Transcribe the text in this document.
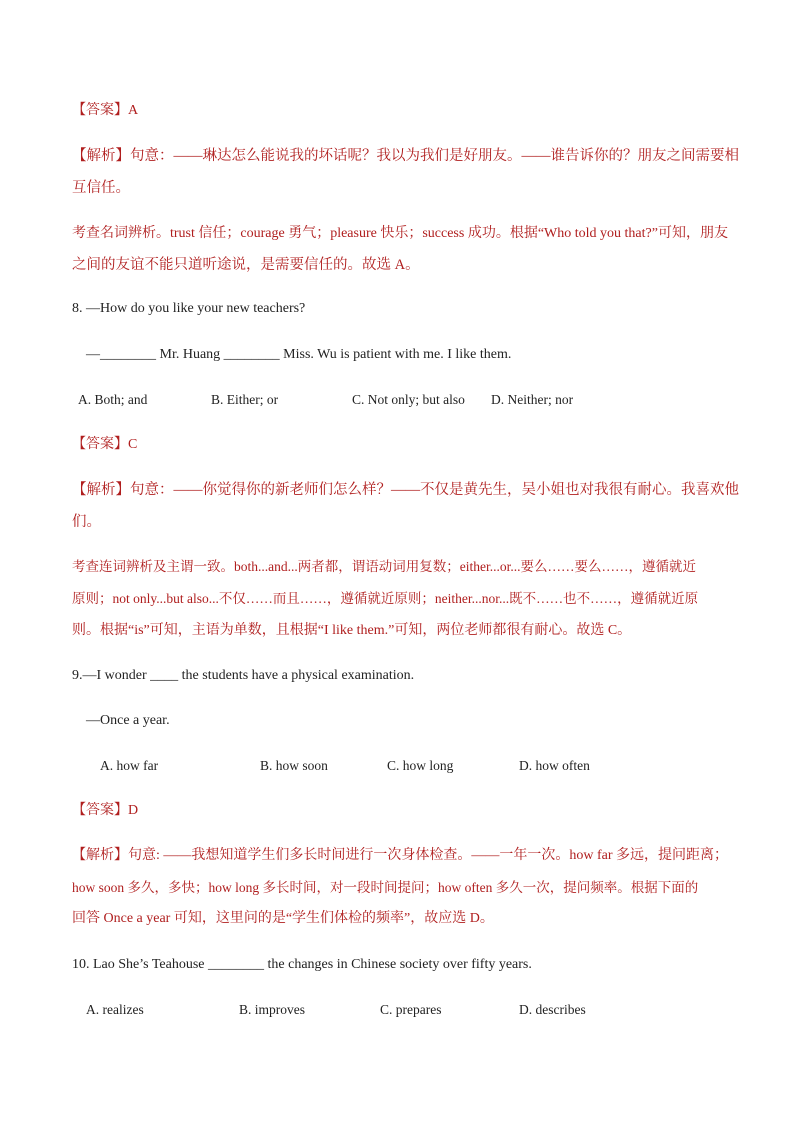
【答案】A
【解析】句意：——琳达怎么能说我的坏话呢？我以为我们是好朋友。——谁告诉你的？朋友之间需要相
互信任。
考查名词辨析。trust 信任；courage 勇气；pleasure 快乐；success 成功。根据“Who told you that?”可知，朋友
之间的友谊不能只道听途说，是需要信任的。故选 A。
8. —How do you like your new teachers?
—________ Mr. Huang ________ Miss. Wu is patient with me. I like them.
A. Both; and	B. Either; or	C. Not only; but also D. Neither; nor
【答案】C
【解析】句意：——你觉得你的新老师们怎么样？——不仅是黄先生，吴小姐也对我很有耐心。我喜欢他
们。
考查连词辨析及主谓一致。both...and...两者都，谓语动词用复数；either...or...要么……要么……，遵循就近
原则；not only...but also...不仅……而且……，遵循就近原则；neither...nor...既不……也不……，遵循就近原
则。根据“is”可知，主语为单数，且根据“I like them.”可知，两位老师都很有耐心。故选 C。
9.—I wonder ____ the students have a physical examination.
—Once a year.
A. how far	B. how soon	C. how long	D. how often
【答案】D
【解析】句意: ——我想知道学生们多长时间进行一次身体检查。——一年一次。how far 多远，提问距离；
how soon 多久，多快；how long 多长时间，对一段时间提问；how often 多久一次，提问频率。根据下面的
回答 Once a year 可知，这里问的是“学生们体检的频率”，故应选 D。
10. Lao She’s Teahouse ________ the changes in Chinese society over fifty years.
A. realizes	B. improves	C. prepares	D. describes
